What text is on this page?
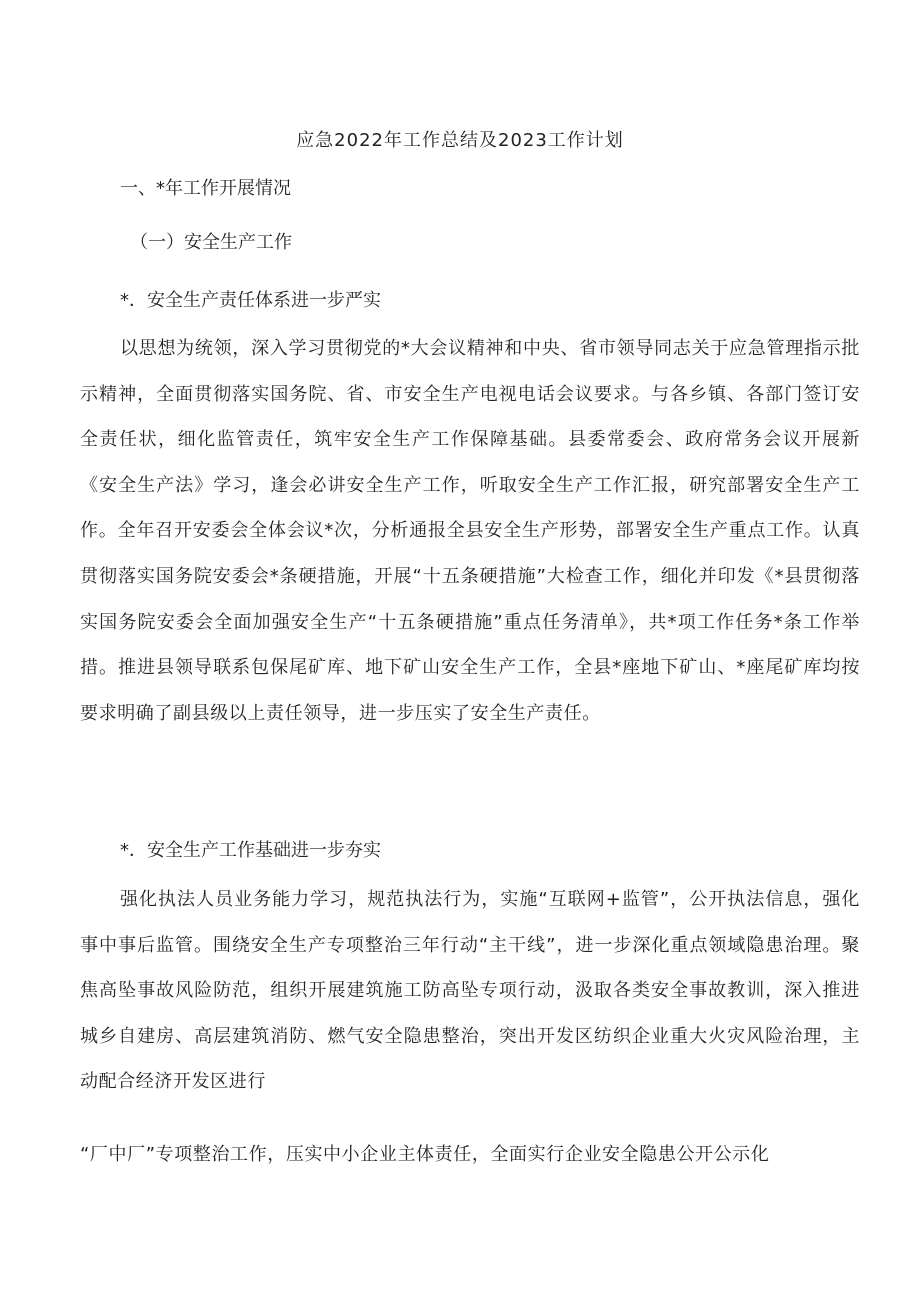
应急2022年工作总结及2023工作计划
一、*年工作开展情况
（一）安全生产工作
*．安全生产责任体系进一步严实
以思想为统领，深入学习贯彻党的*大会议精神和中央、省市领导同志关于应急管理指示批示精神，全面贯彻落实国务院、省、市安全生产电视电话会议要求。与各乡镇、各部门签订安全责任状，细化监管责任，筑牢安全生产工作保障基础。县委常委会、政府常务会议开展新《安全生产法》学习，逢会必讲安全生产工作，听取安全生产工作汇报，研究部署安全生产工作。全年召开安委会全体会议*次，分析通报全县安全生产形势，部署安全生产重点工作。认真贯彻落实国务院安委会*条硬措施，开展“十五条硬措施”大检查工作，细化并印发《*县贯彻落实国务院安委会全面加强安全生产“十五条硬措施”重点任务清单》，共*项工作任务*条工作举措。推进县领导联系包保尾矿库、地下矿山安全生产工作，全县*座地下矿山、*座尾矿库均按要求明确了副县级以上责任领导，进一步压实了安全生产责任。
*．安全生产工作基础进一步夯实
强化执法人员业务能力学习，规范执法行为，实施“互联网+监管”，公开执法信息，强化事中事后监管。围绕安全生产专项整治三年行动“主干线”，进一步深化重点领域隐患治理。聚焦高坠事故风险防范，组织开展建筑施工防高坠专项行动，汲取各类安全事故教训，深入推进城乡自建房、高层建筑消防、燃气安全隐患整治，突出开发区纺织企业重大火灾风险治理，主动配合经济开发区进行
“厂中厂”专项整治工作，压实中小企业主体责任，全面实行企业安全隐患公开公示化
